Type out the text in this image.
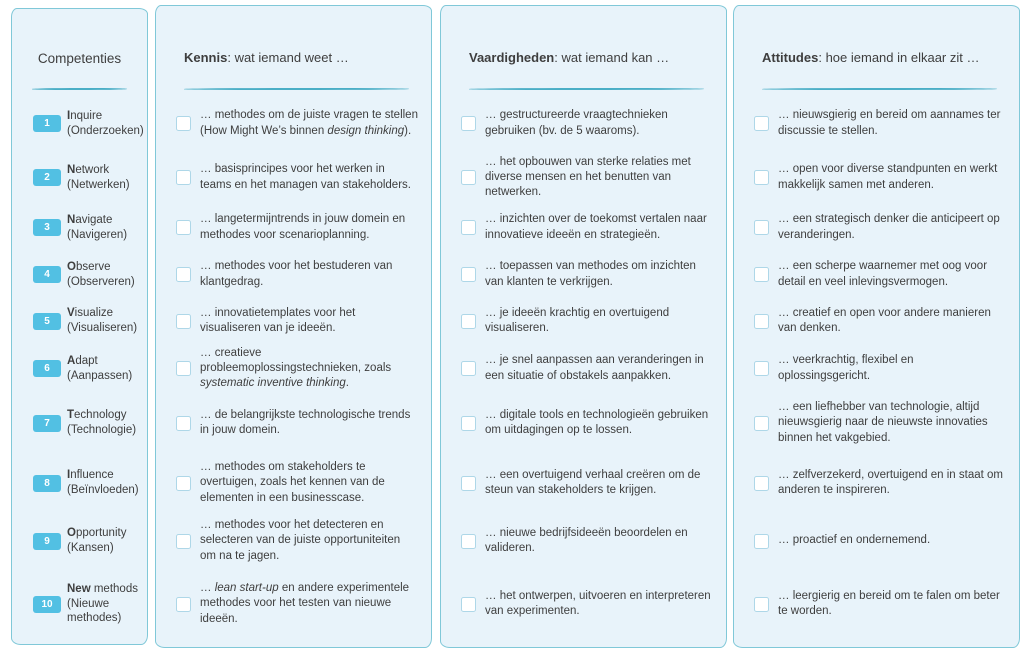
Competenties
1
Inquire
(Onderzoeken)
2
Network
(Netwerken)
3
Navigate
(Navigeren)
4
Observe
(Observeren)
5
Visualize
(Visualiseren)
6
Adapt
(Aanpassen)
7
Technology
(Technologie)
8
Influence
(Beïnvloeden)
9
Opportunity
(Kansen)
10
New methods
(Nieuwe methodes)
Kennis: wat iemand weet …
… methodes om de juiste vragen te stellen (How Might We’s binnen design thinking).
… basisprincipes voor het werken in teams en het managen van stakeholders.
… langetermijntrends in jouw domein en methodes voor scenarioplanning.
… methodes voor het bestuderen van klantgedrag.
… innovatietemplates voor het visualiseren van je ideeën.
… creatieve probleemoplossingstechnieken, zoals systematic inventive thinking.
… de belangrijkste technologische trends in jouw domein.
… methodes om stakeholders te overtuigen, zoals het kennen van de elementen in een businesscase.
… methodes voor het detecteren en selecteren van de juiste opportuniteiten om na te jagen.
… lean start-up en andere experimentele methodes voor het testen van nieuwe ideeën.
Vaardigheden: wat iemand kan …
… gestructureerde vraagtechnieken gebruiken (bv. de 5 waaroms).
… het opbouwen van sterke relaties met diverse mensen en het benutten van netwerken.
… inzichten over de toekomst vertalen naar innovatieve ideeën en strategieën.
… toepassen van methodes om inzichten van klanten te verkrijgen.
… je ideeën krachtig en overtuigend visualiseren.
… je snel aanpassen aan veranderingen in een situatie of obstakels aanpakken.
… digitale tools en technologieën gebruiken om uitdagingen op te lossen.
… een overtuigend verhaal creëren om de steun van stakeholders te krijgen.
… nieuwe bedrijfsideeën beoordelen en valideren.
… het ontwerpen, uitvoeren en interpreteren van experimenten.
Attitudes: hoe iemand in elkaar zit …
… nieuwsgierig en bereid om aannames ter discussie te stellen.
… open voor diverse standpunten en werkt makkelijk samen met anderen.
… een strategisch denker die anticipeert op veranderingen.
… een scherpe waarnemer met oog voor detail en veel inlevingsvermogen.
… creatief en open voor andere manieren van denken.
… veerkrachtig, flexibel en oplossingsgericht.
… een liefhebber van technologie, altijd nieuwsgierig naar de nieuwste innovaties binnen het vakgebied.
… zelfverzekerd, overtuigend en in staat om anderen te inspireren.
… proactief en ondernemend.
… leergierig en bereid om te falen om beter te worden.
